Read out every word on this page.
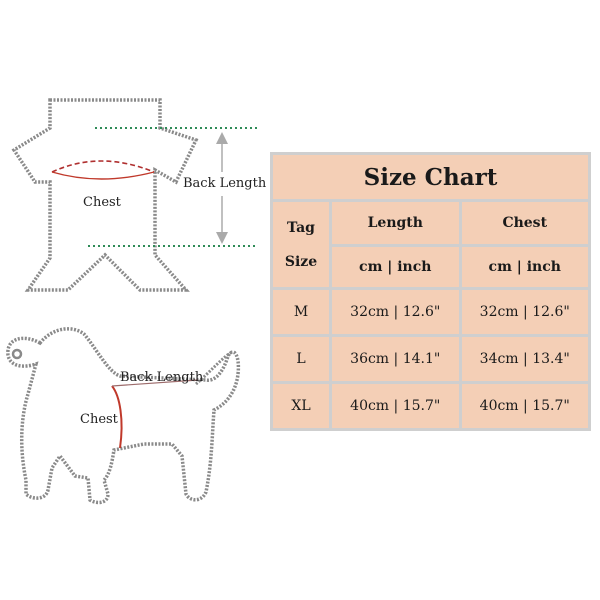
Chest
Back Length
Back Length
Chest
Size Chart		
Tag
Size	Length	Chest
	cm | inch	cm | inch
M	32cm | 12.6"	32cm | 12.6"
L	36cm | 14.1"	34cm | 13.4"
XL	40cm | 15.7"	40cm | 15.7"
